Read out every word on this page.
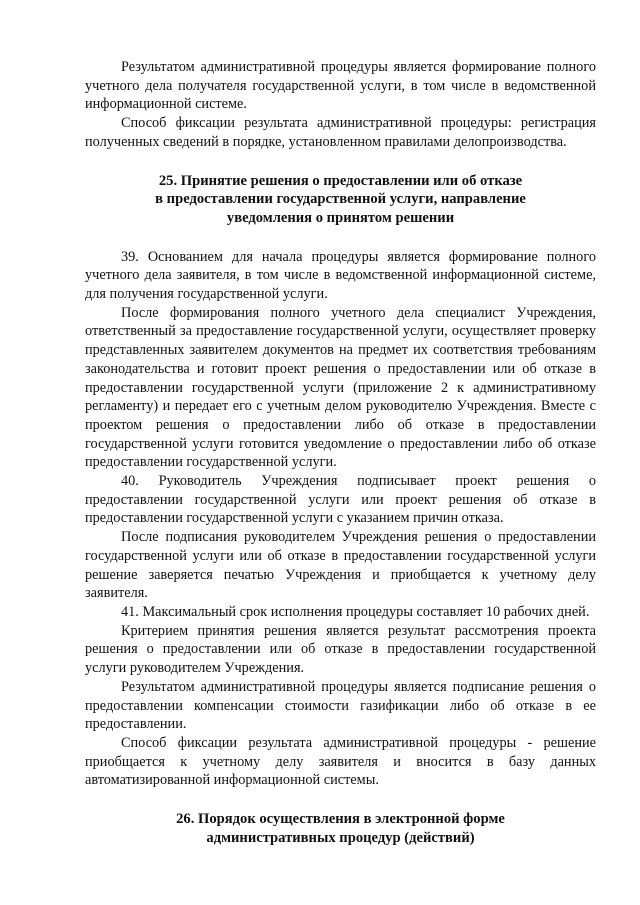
Результатом административной процедуры является формирование полного учетного дела получателя государственной услуги, в том числе в ведомственной информационной системе.

Способ фиксации результата административной процедуры: регистрация полученных сведений в порядке, установленном правилами делопроизводства.

25. Принятие решения о предоставлении или об отказе
в предоставлении государственной услуги, направление
уведомления о принятом решении

39. Основанием для начала процедуры является формирование полного учетного дела заявителя, в том числе в ведомственной информационной системе, для получения государственной услуги.

После формирования полного учетного дела специалист Учреждения, ответственный за предоставление государственной услуги, осуществляет проверку представленных заявителем документов на предмет их соответствия требованиям законодательства и готовит проект решения о предоставлении или об отказе в предоставлении государственной услуги (приложение 2 к административному регламенту) и передает его с учетным делом руководителю Учреждения. Вместе с проектом решения о предоставлении либо об отказе в предоставлении государственной услуги готовится уведомление о предоставлении либо об отказе предоставлении государственной услуги.

40. Руководитель Учреждения подписывает проект решения о предоставлении государственной услуги или проект решения об отказе в предоставлении государственной услуги с указанием причин отказа.

После подписания руководителем Учреждения решения о предоставлении государственной услуги или об отказе в предоставлении государственной услуги решение заверяется печатью Учреждения и приобщается к учетному делу заявителя.

41. Максимальный срок исполнения процедуры составляет 10 рабочих дней.

Критерием принятия решения является результат рассмотрения проекта решения о предоставлении или об отказе в предоставлении государственной услуги руководителем Учреждения.

Результатом административной процедуры является подписание решения о предоставлении компенсации стоимости газификации либо об отказе в ее предоставлении.

Способ фиксации результата административной процедуры - решение приобщается к учетному делу заявителя и вносится в базу данных автоматизированной информационной системы.

26. Порядок осуществления в электронной форме
административных процедур (действий)
